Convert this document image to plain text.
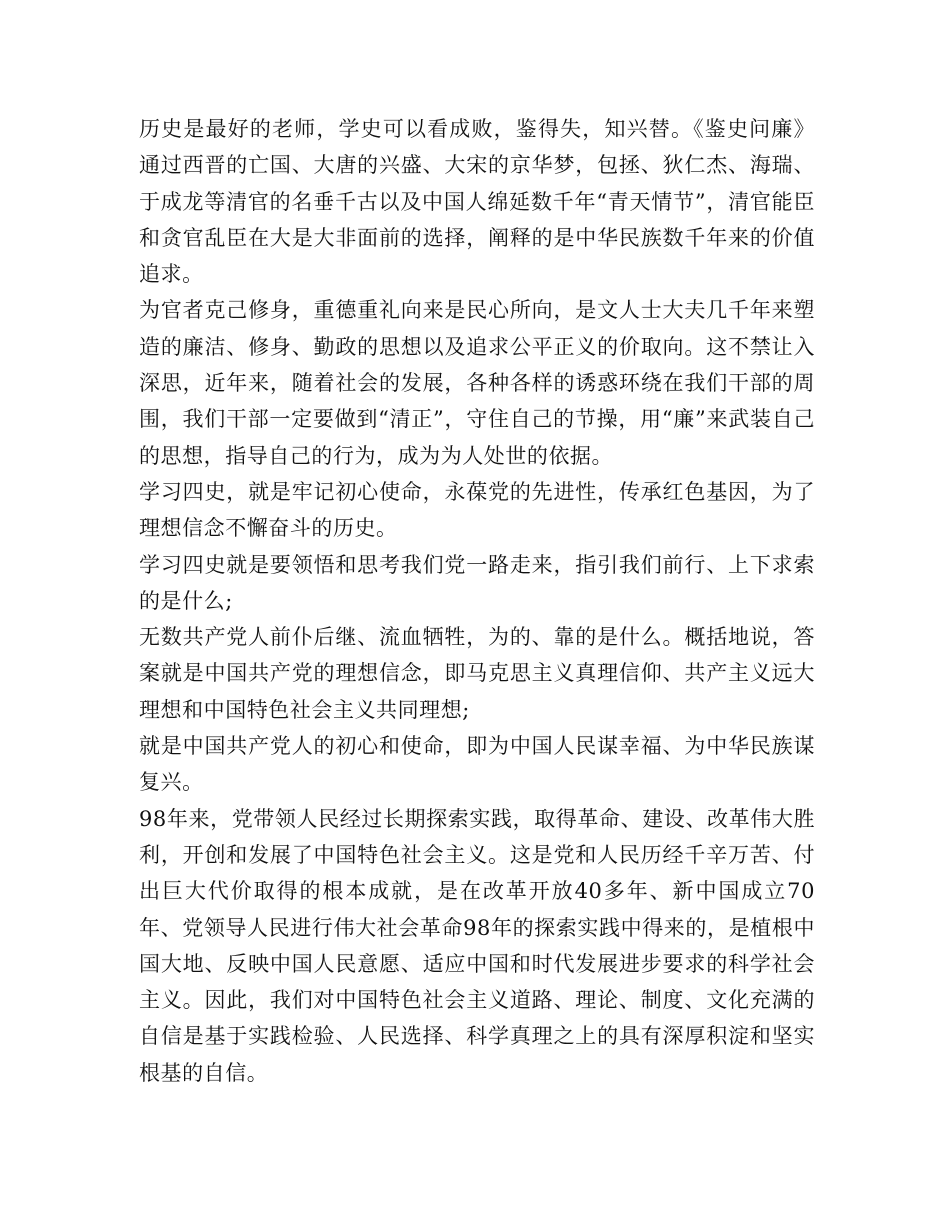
历史是最好的老师，学史可以看成败，鉴得失，知兴替。《鉴史问廉》通过西晋的亡国、大唐的兴盛、大宋的京华梦，包拯、狄仁杰、海瑞、于成龙等清官的名垂千古以及中国人绵延数千年“青天情节”，清官能臣和贪官乱臣在大是大非面前的选择，阐释的是中华民族数千年来的价值追求。

为官者克己修身，重德重礼向来是民心所向，是文人士大夫几千年来塑造的廉洁、修身、勤政的思想以及追求公平正义的价取向。这不禁让入深思，近年来，随着社会的发展，各种各样的诱惑环绕在我们干部的周围，我们干部一定要做到“清正”，守住自己的节操，用“廉”来武装自己的思想，指导自己的行为，成为为人处世的依据。

学习四史，就是牢记初心使命，永葆党的先进性，传承红色基因，为了理想信念不懈奋斗的历史。

学习四史就是要领悟和思考我们党一路走来，指引我们前行、上下求索的是什么;

无数共产党人前仆后继、流血牺牲，为的、靠的是什么。概括地说，答案就是中国共产党的理想信念，即马克思主义真理信仰、共产主义远大理想和中国特色社会主义共同理想;

就是中国共产党人的初心和使命，即为中国人民谋幸福、为中华民族谋复兴。

98年来，党带领人民经过长期探索实践，取得革命、建设、改革伟大胜利，开创和发展了中国特色社会主义。这是党和人民历经千辛万苦、付出巨大代价取得的根本成就，是在改革开放40多年、新中国成立70年、党领导人民进行伟大社会革命98年的探索实践中得来的，是植根中国大地、反映中国人民意愿、适应中国和时代发展进步要求的科学社会主义。因此，我们对中国特色社会主义道路、理论、制度、文化充满的自信是基于实践检验、人民选择、科学真理之上的具有深厚积淀和坚实根基的自信。
